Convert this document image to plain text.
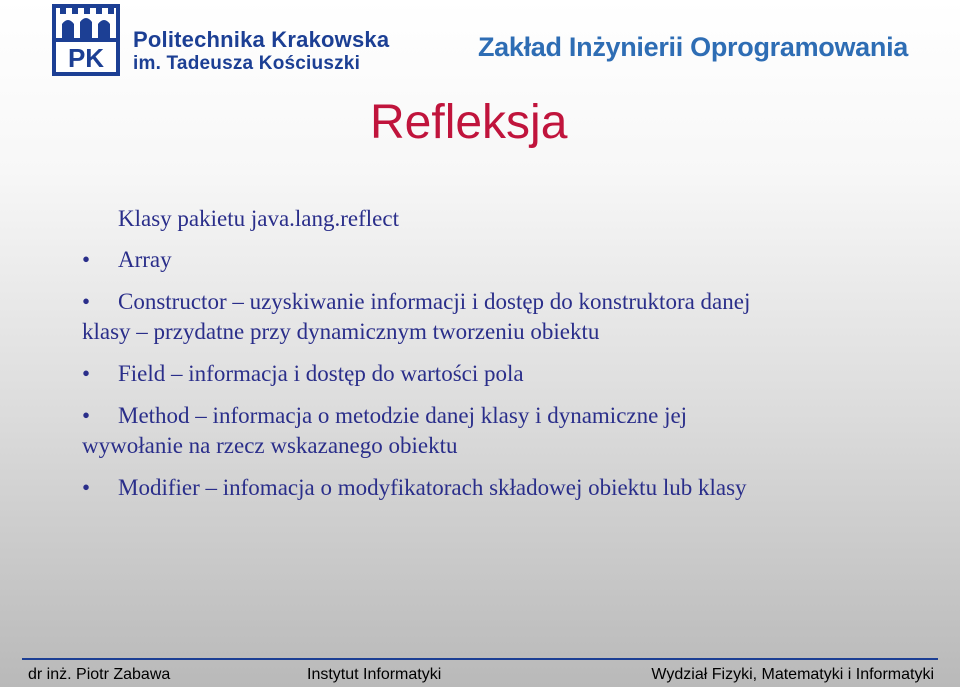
PK
Politechnika Krakowska
im. Tadeusza Kościuszki
Zakład Inżynierii Oprogramowania
Refleksja

Klasy pakietu java.lang.reflect

• Array
• Constructor – uzyskiwanie informacji i dostęp do konstruktora danej
klasy – przydatne przy dynamicznym tworzeniu obiektu
• Field – informacja i dostęp do wartości pola
• Method – informacja o metodzie danej klasy i dynamiczne jej
wywołanie na rzecz wskazanego obiektu
• Modifier – infomacja o modyfikatorach składowej obiektu lub klasy
dr inż. Piotr Zabawa	Instytut Informatyki	Wydział Fizyki, Matematyki i Informatyki
